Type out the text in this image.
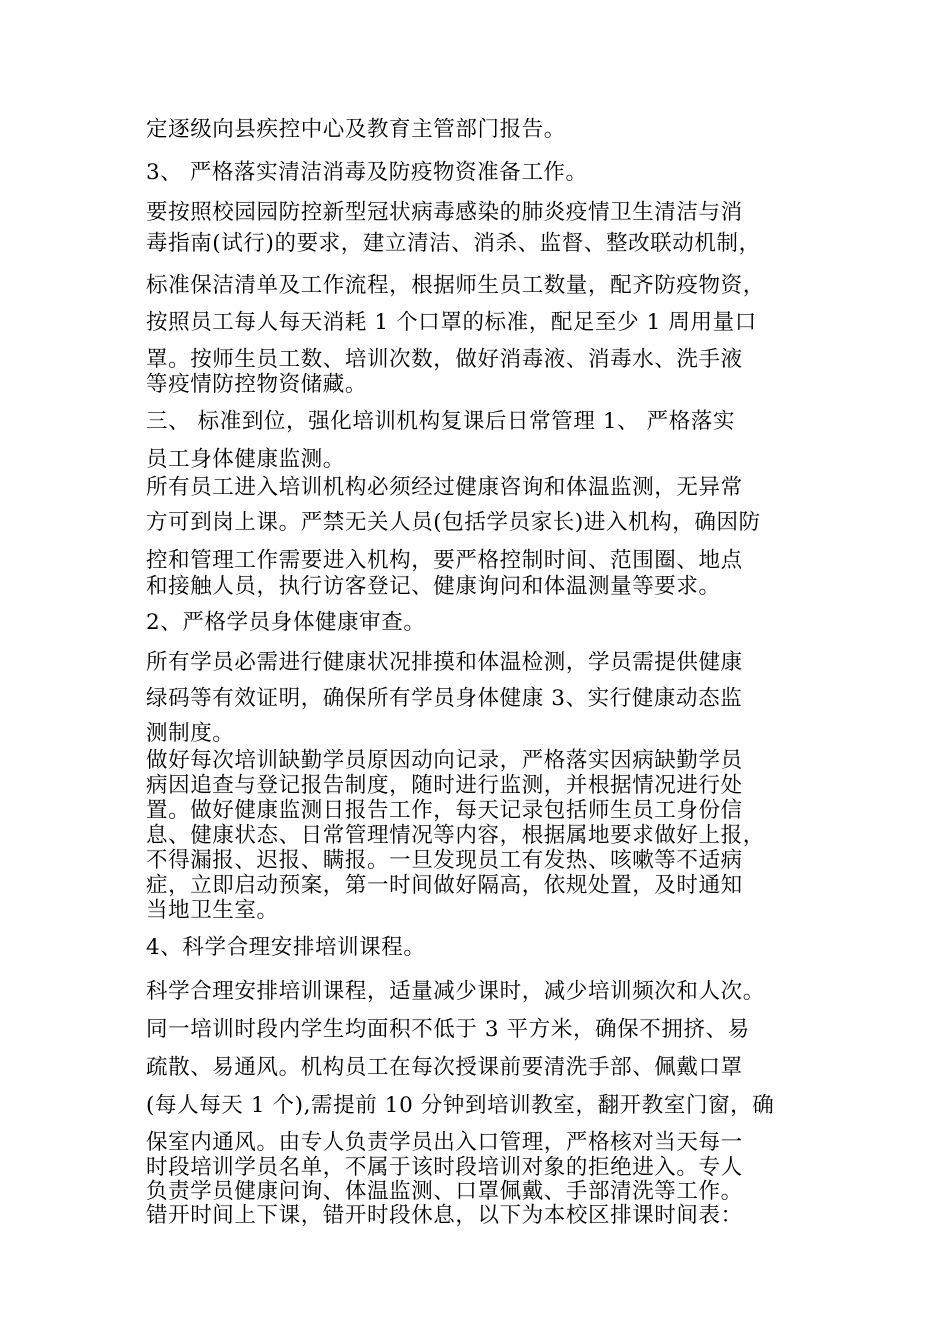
定逐级向县疾控中心及教育主管部门报告。
3、 严格落实清洁消毒及防疫物资准备工作。
要按照校园园防控新型冠状病毒感染的肺炎疫情卫生清洁与消
毒指南(试行)的要求，建立清洁、消杀、监督、整改联动机制，
标准保洁清单及工作流程，根据师生员工数量，配齐防疫物资，
按照员工每人每天消耗 1 个口罩的标准，配足至少 1 周用量口
罩。按师生员工数、培训次数，做好消毒液、消毒水、洗手液
等疫情防控物资储藏。
三、 标准到位，强化培训机构复课后日常管理 1、 严格落实
员工身体健康监测。
所有员工进入培训机构必须经过健康咨询和体温监测，无异常
方可到岗上课。严禁无关人员(包括学员家长)进入机构，确因防
控和管理工作需要进入机构，要严格控制时间、范围圈、地点
和接触人员，执行访客登记、健康询问和体温测量等要求。
2、严格学员身体健康审查。
所有学员必需进行健康状况排摸和体温检测，学员需提供健康
绿码等有效证明，确保所有学员身体健康 3、实行健康动态监
测制度。
做好每次培训缺勤学员原因动向记录，严格落实因病缺勤学员
病因追查与登记报告制度，随时进行监测，并根据情况进行处
置。做好健康监测日报告工作，每天记录包括师生员工身份信
息、健康状态、日常管理情况等内容，根据属地要求做好上报，
不得漏报、迟报、瞒报。一旦发现员工有发热、咳嗽等不适病
症，立即启动预案，第一时间做好隔高，依规处置，及时通知
当地卫生室。
4、科学合理安排培训课程。
科学合理安排培训课程，适量减少课时，减少培训频次和人次。
同一培训时段内学生均面积不低于 3 平方米，确保不拥挤、易
疏散、易通风。机构员工在每次授课前要清洗手部、佩戴口罩
(每人每天 1 个),需提前 10 分钟到培训教室，翻开教室门窗，确
保室内通风。由专人负责学员出入口管理，严格核对当天每一
时段培训学员名单，不属于该时段培训对象的拒绝进入。专人
负责学员健康问询、体温监测、口罩佩戴、手部清洗等工作。
错开时间上下课，错开时段休息，以下为本校区排课时间表：
